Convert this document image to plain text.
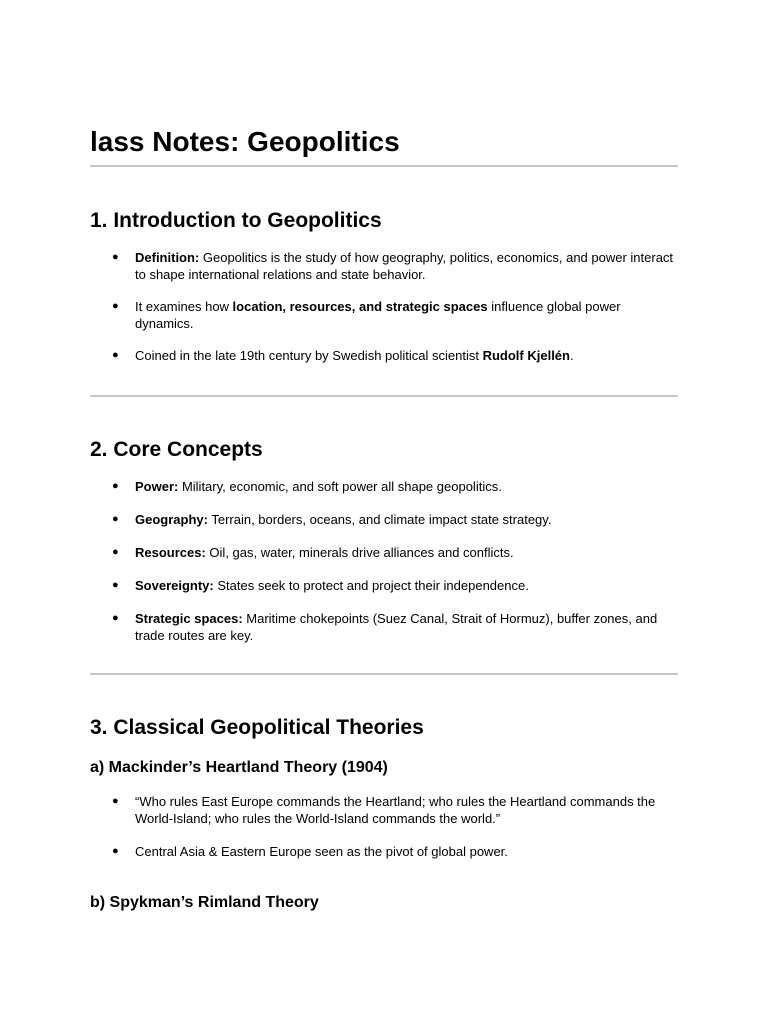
lass Notes: Geopolitics
1. Introduction to Geopolitics
● Definition: Geopolitics is the study of how geography, politics, economics, and power interact to shape international relations and state behavior.
● It examines how location, resources, and strategic spaces influence global power dynamics.
● Coined in the late 19th century by Swedish political scientist Rudolf Kjellén.
2. Core Concepts
● Power: Military, economic, and soft power all shape geopolitics.
● Geography: Terrain, borders, oceans, and climate impact state strategy.
● Resources: Oil, gas, water, minerals drive alliances and conflicts.
● Sovereignty: States seek to protect and project their independence.
● Strategic spaces: Maritime chokepoints (Suez Canal, Strait of Hormuz), buffer zones, and trade routes are key.
3. Classical Geopolitical Theories
a) Mackinder’s Heartland Theory (1904)
● “Who rules East Europe commands the Heartland; who rules the Heartland commands the World-Island; who rules the World-Island commands the world.”
● Central Asia & Eastern Europe seen as the pivot of global power.
b) Spykman’s Rimland Theory
